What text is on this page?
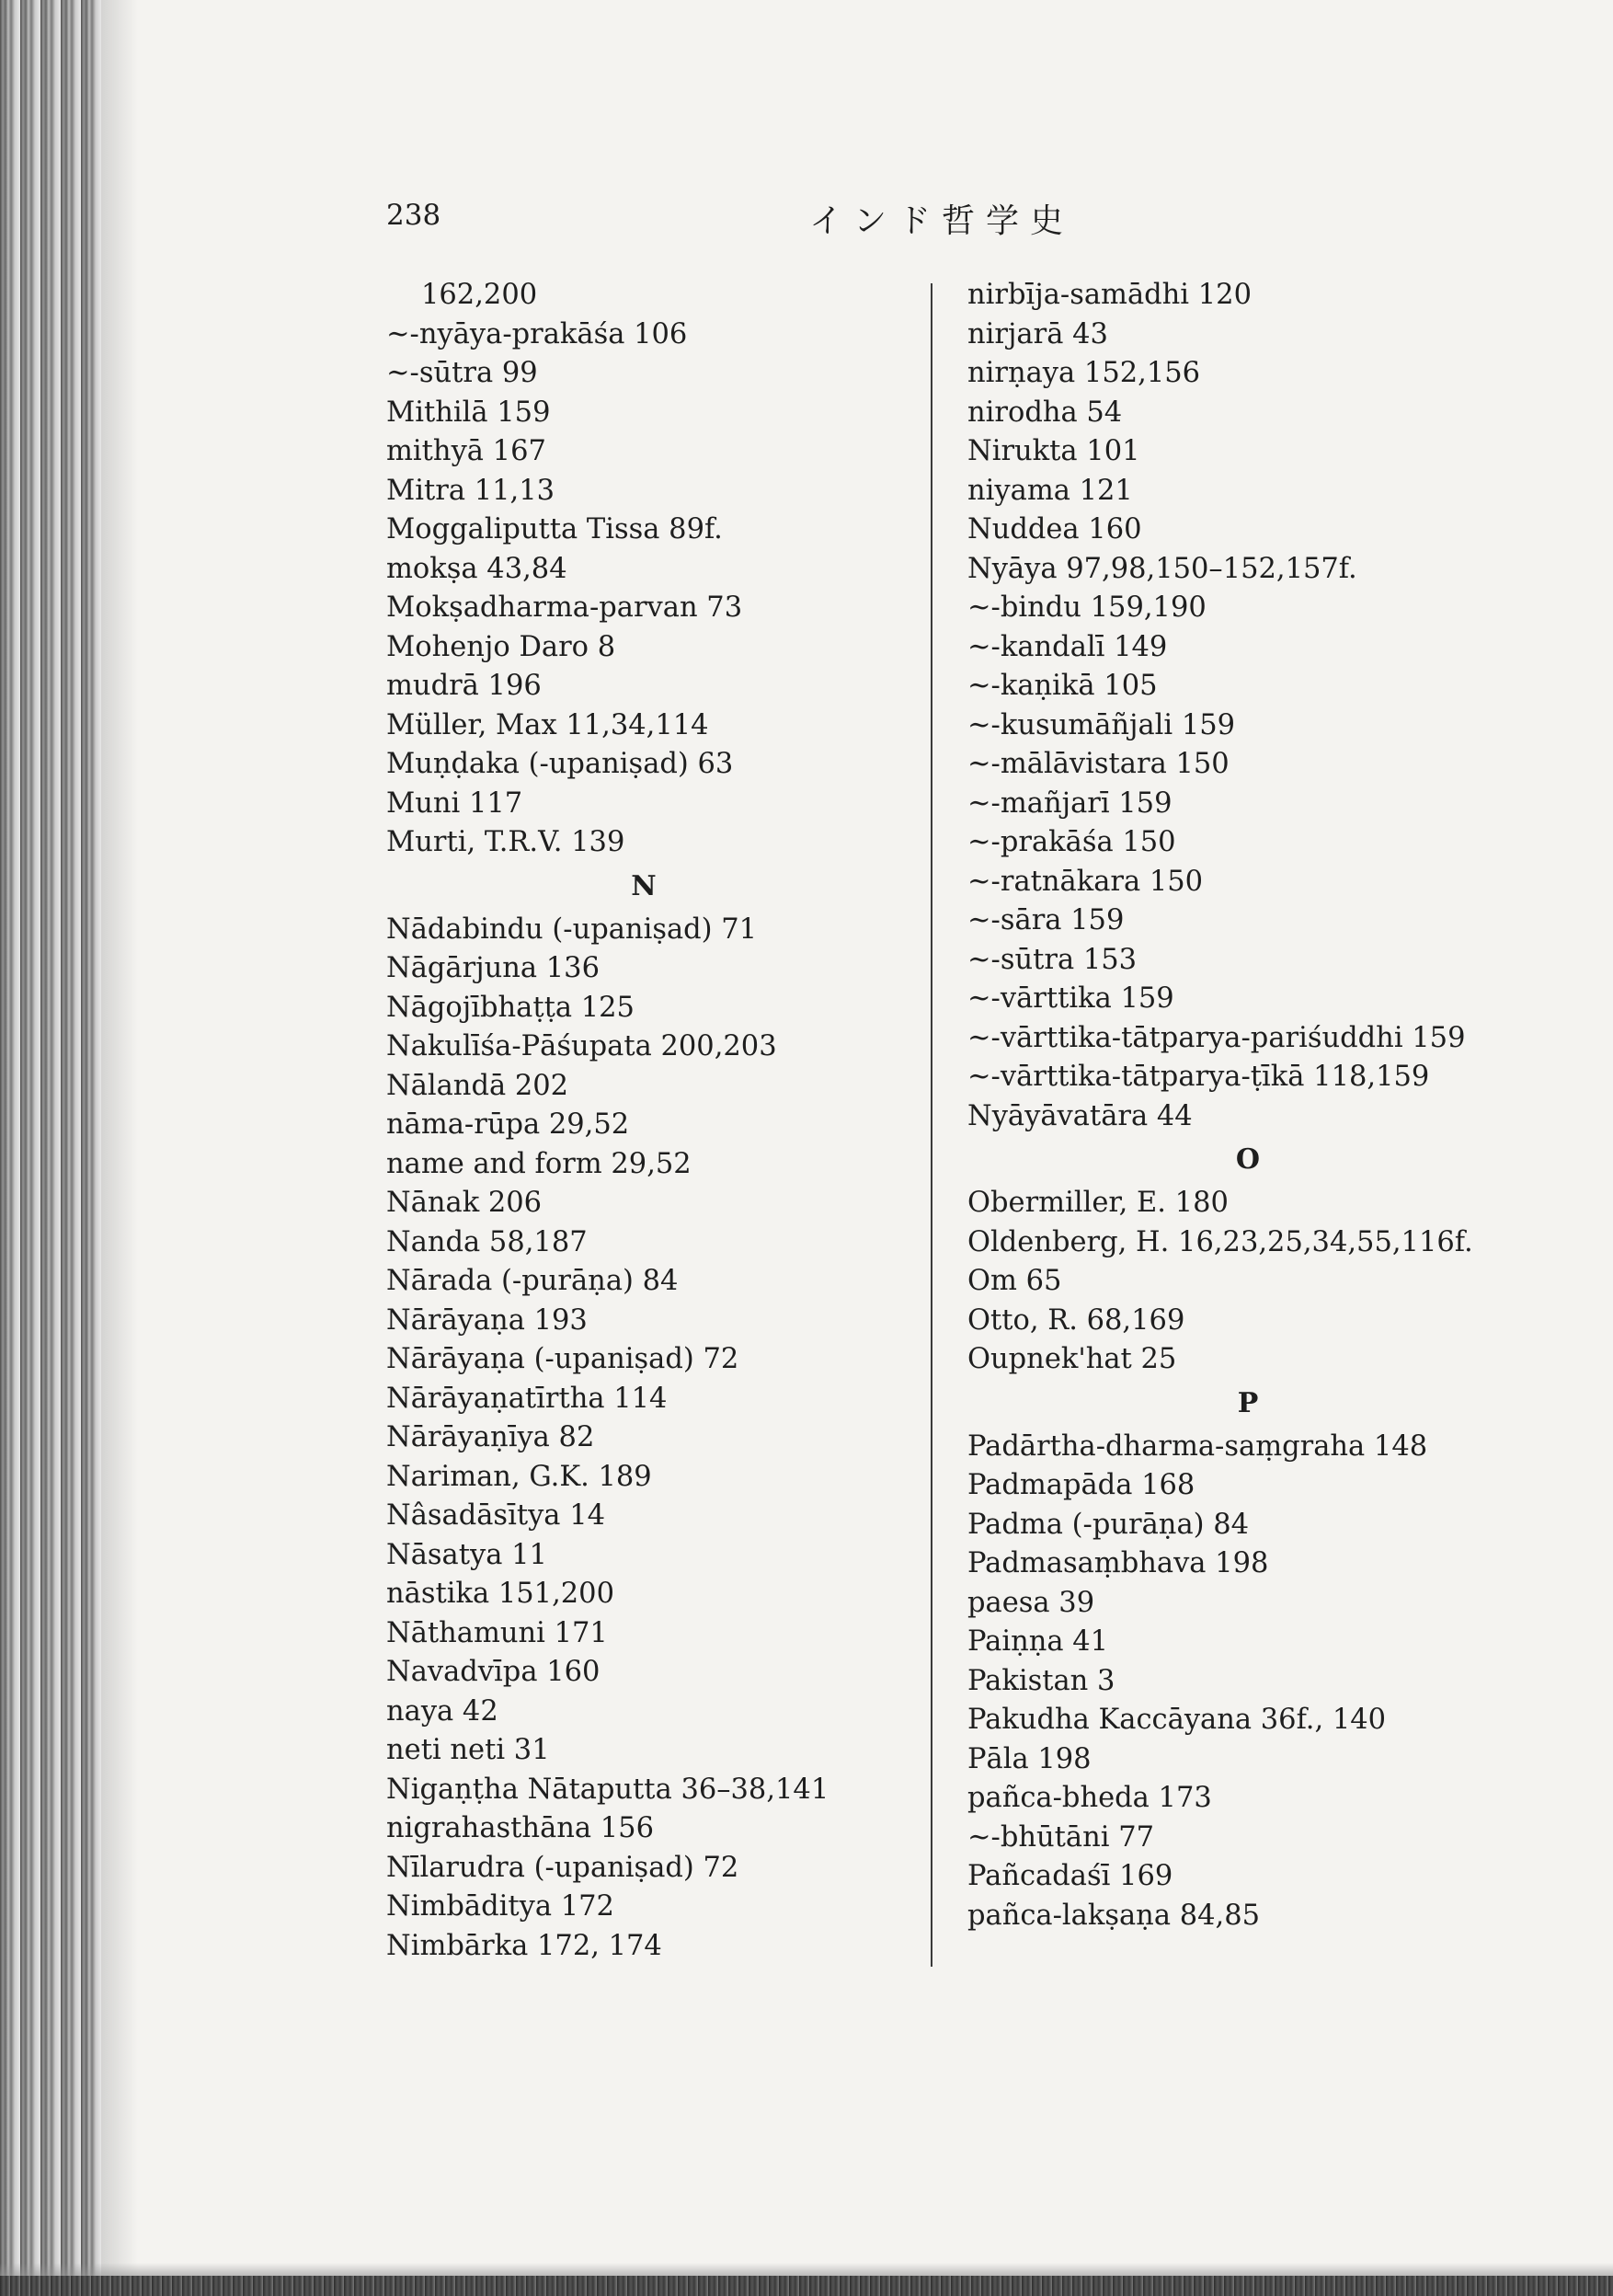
238	インド哲学史
162,200
~-nyāya-prakāśa 106
~-sūtra 99
Mithilā 159
mithyā 167
Mitra 11,13
Moggaliputta Tissa 89f.
mokṣa 43,84
Mokṣadharma-parvan 73
Mohenjo Daro 8
mudrā 196
Müller, Max 11,34,114
Muṇḍaka (-upaniṣad) 63
Muni 117
Murti, T.R.V. 139
N
Nādabindu (-upaniṣad) 71
Nāgārjuna 136
Nāgojībhaṭṭa 125
Nakulīśa-Pāśupata 200,203
Nālandā 202
nāma-rūpa 29,52
name and form 29,52
Nānak 206
Nanda 58,187
Nārada (-purāṇa) 84
Nārāyaṇa 193
Nārāyaṇa (-upaniṣad) 72
Nārāyaṇatīrtha 114
Nārāyaṇīya 82
Nariman, G.K. 189
Nâsadāsītya 14
Nāsatya 11
nāstika 151,200
Nāthamuni 171
Navadvīpa 160
naya 42
neti neti 31
Nigaṇṭha Nātaputta 36–38,141
nigrahasthāna 156
Nīlarudra (-upaniṣad) 72
Nimbāditya 172
Nimbārka 172, 174
nirbīja-samādhi 120
nirjarā 43
nirṇaya 152,156
nirodha 54
Nirukta 101
niyama 121
Nuddea 160
Nyāya 97,98,150–152,157f.
~-bindu 159,190
~-kandalī 149
~-kaṇikā 105
~-kusumāñjali 159
~-mālāvistara 150
~-mañjarī 159
~-prakāśa 150
~-ratnākara 150
~-sāra 159
~-sūtra 153
~-vārttika 159
~-vārttika-tātparya-pariśuddhi 159
~-vārttika-tātparya-ṭīkā 118,159
Nyāyāvatāra 44
O
Obermiller, E. 180
Oldenberg, H. 16,23,25,34,55,116f.
Om 65
Otto, R. 68,169
Oupnek'hat 25
P
Padārtha-dharma-saṃgraha 148
Padmapāda 168
Padma (-purāṇa) 84
Padmasaṃbhava 198
paesa 39
Paiṇṇa 41
Pakistan 3
Pakudha Kaccāyana 36f., 140
Pāla 198
pañca-bheda 173
~-bhūtāni 77
Pañcadaśī 169
pañca-lakṣaṇa 84,85
